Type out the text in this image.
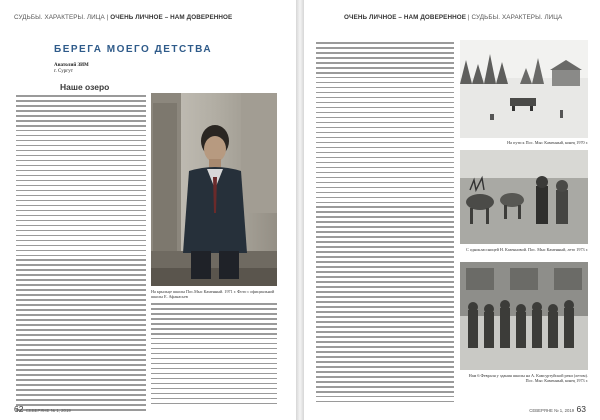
СУДЬБЫ. ХАРАКТЕРЫ. ЛИЦА | ОЧЕНЬ ЛИЧНОЕ – НАМ ДОВЕРЕННОЕ
БЕРЕГА МОЕГО ДЕТСТВА
Анатолий ЗИМ
г. Сургут
Наше озеро
На крыльце школы Пос.Мыс Каменный. 1971 г. Фото с официальной школы Е. Афанасьев
62 СЕВЕРЯНЕ № 1, 2019
ОЧЕНЬ ЛИЧНОЕ – НАМ ДОВЕРЕННОЕ | СУДЬБЫ. ХАРАКТЕРЫ. ЛИЦА
На пути к Пос. Мыс Каменный, конец 1970 г.
С одноклассницей Н. Казенновой. Пос. Мыс Каменный, лето 1973 г.
Нам 6 Февраля у здания школы на А. Камсуртуйской реки (летом). Пос. Мыс Каменный, конец 1973 г.
СЕВЕРЯНЕ № 1, 2019 63
